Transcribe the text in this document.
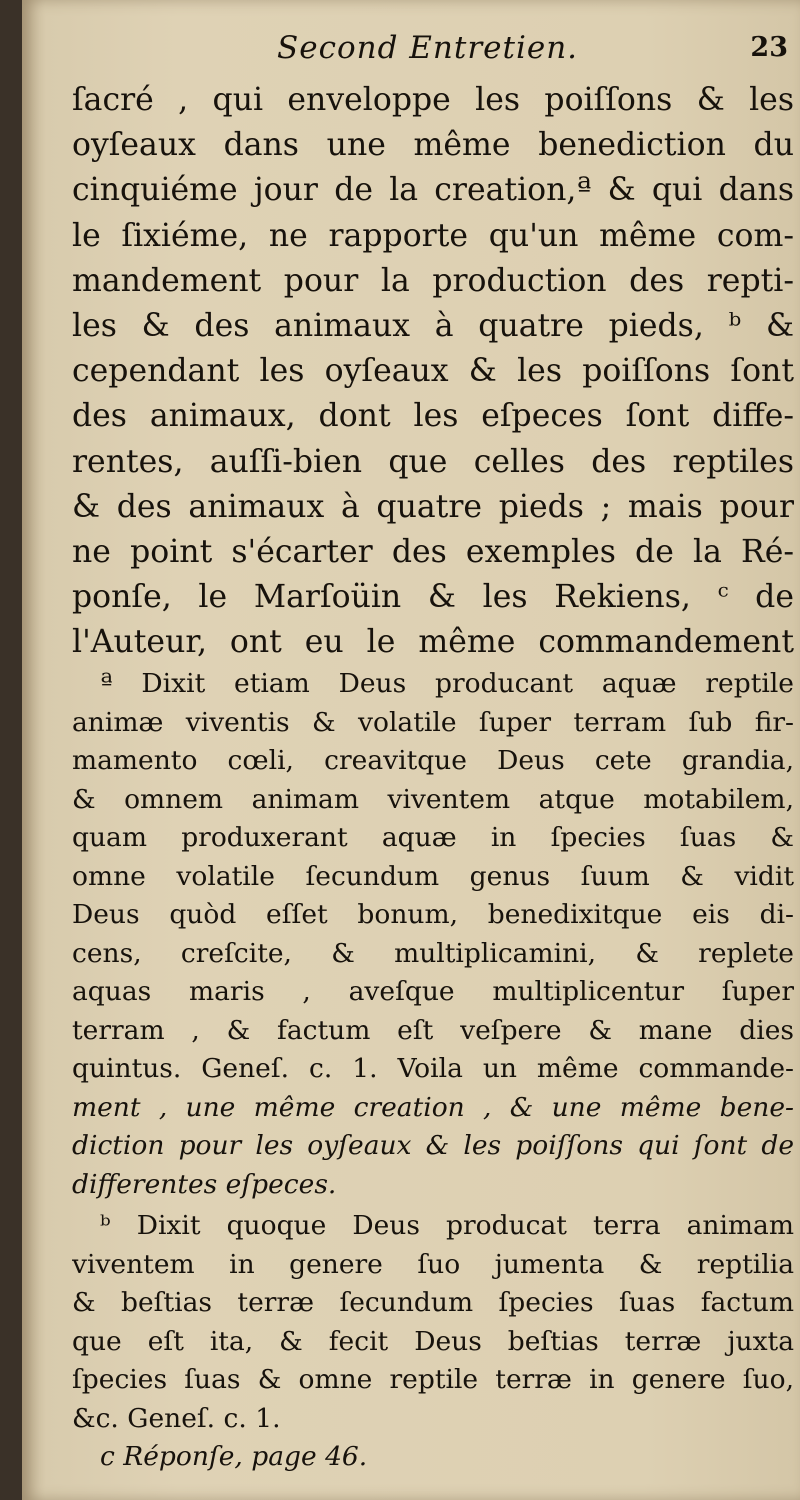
Second Entretien.	23
ſacré , qui enveloppe les poiſſons & les
oyſeaux dans une même benediction du
cinquiéme jour de la creation,ª & qui dans
le ſixiéme, ne rapporte qu'un même com-
mandement pour la production des repti-
les & des animaux à quatre pieds, ᵇ &
cependant les oyſeaux & les poiſſons ſont
des animaux, dont les eſpeces ſont diffe-
rentes, auſſi-bien que celles des reptiles
& des animaux à quatre pieds ; mais pour
ne point s'écarter des exemples de la Ré-
ponſe, le Marſoüin & les Rekiens, ᶜ de
l'Auteur, ont eu le même commandement
ª Dixit etiam Deus producant aquæ reptile
animæ viventis & volatile ſuper terram ſub fir-
mamento cœli, creavitque Deus cete grandia,
& omnem animam viventem atque motabilem,
quam produxerant aquæ in ſpecies ſuas &
omne volatile ſecundum genus ſuum & vidit
Deus quòd eſſet bonum, benedixitque eis di-
cens, creſcite, & multiplicamini, & replete
aquas maris , aveſque multiplicentur ſuper
terram , & factum eſt veſpere & mane dies
quintus. Geneſ. c. 1. Voila un même commande-
ment , une même creation , & une même bene-
diction pour les oyſeaux & les poiſſons qui ſont de
differentes eſpeces.
ᵇ Dixit quoque Deus producat terra animam
viventem in genere ſuo jumenta & reptilia
& beſtias terræ ſecundum ſpecies ſuas factum
que eſt ita, & fecit Deus beſtias terræ juxta
ſpecies ſuas & omne reptile terræ in genere ſuo,
&c. Geneſ. c. 1.
c Réponſe, page 46.
